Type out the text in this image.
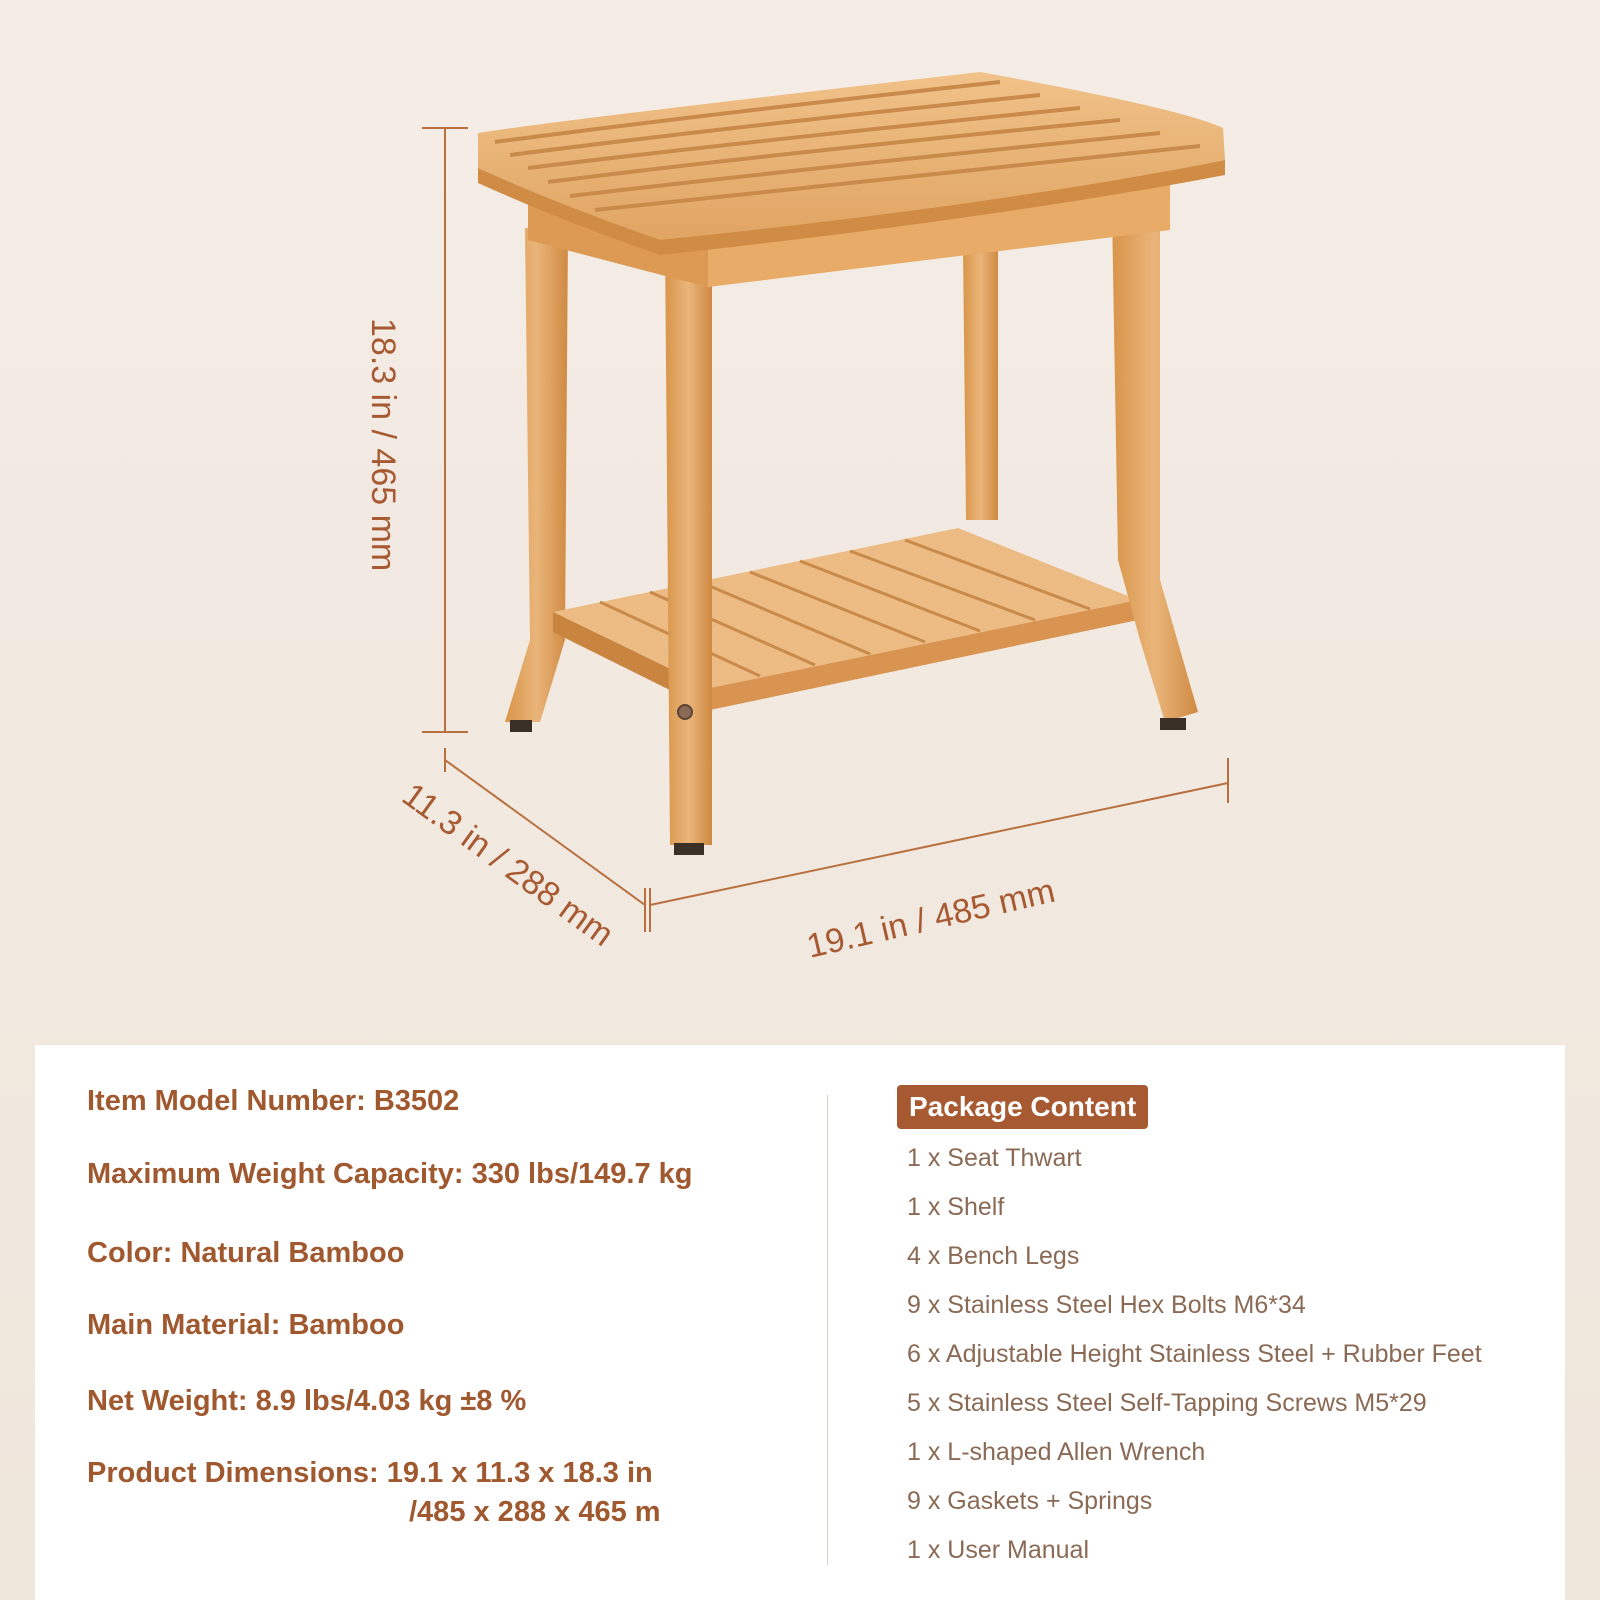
18.3 in / 465 mm
11.3 in / 288 mm	19.1 in / 485 mm

Item Model Number: B3502

Maximum Weight Capacity: 330 lbs/149.7 kg

Color: Natural Bamboo

Main Material: Bamboo

Net Weight: 8.9 lbs/4.03 kg ±8 %

Product Dimensions: 19.1 x 11.3 x 18.3 in
/485 x 288 x 465 m
Package Content
1 x Seat Thwart
1 x Shelf
4 x Bench Legs
9 x Stainless Steel Hex Bolts M6*34
6 x Adjustable Height Stainless Steel + Rubber Feet
5 x Stainless Steel Self-Tapping Screws M5*29
1 x L-shaped Allen Wrench
9 x Gaskets + Springs
1 x User Manual
